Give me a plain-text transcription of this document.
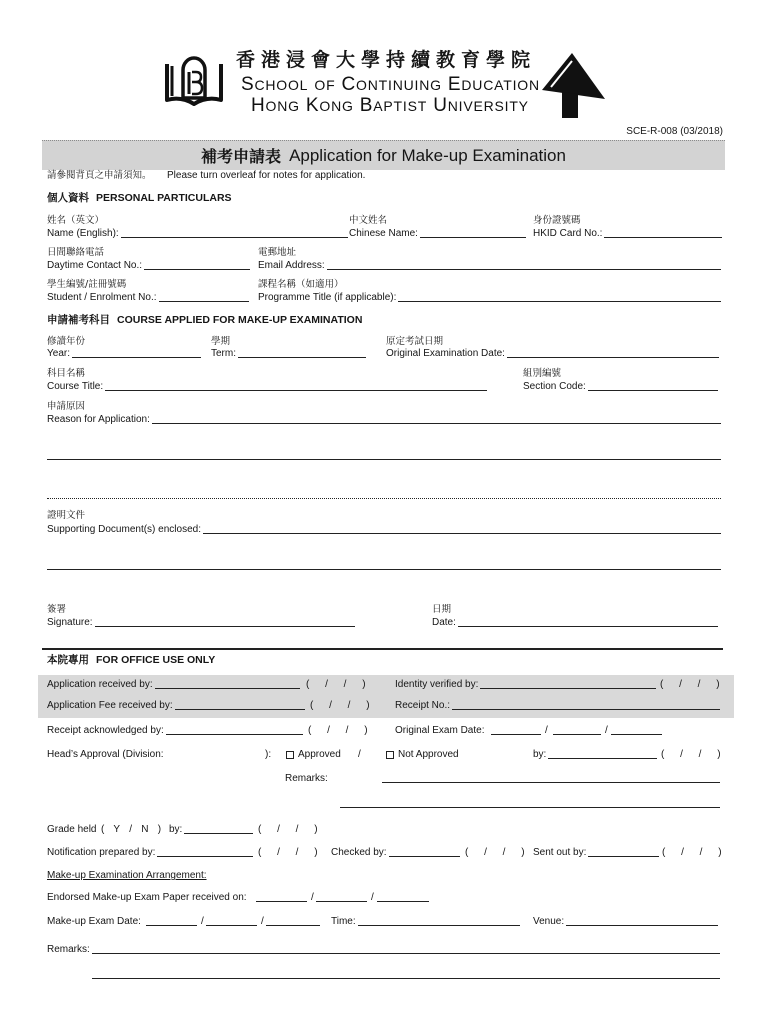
香港浸會大學持續教育學院
SCHOOL OF CONTINUING EDUCATION
HONG KONG BAPTIST UNIVERSITY
SCE-R-008 (03/2018)
補考申請表 Application for Make-up Examination
請參閱背頁之申請須知。 Please turn overleaf for notes for application.
個人資料 PERSONAL PARTICULARS
姓名（英文）
Name (English):
中文姓名
Chinese Name:
身份證號碼
HKID Card No.:
日間聯絡電話
Daytime Contact No.:
電郵地址
Email Address:
學生編號/註冊號碼
Student / Enrolment No.:
課程名稱（如適用）
Programme Title (if applicable):
申請補考科目 COURSE APPLIED FOR MAKE-UP EXAMINATION
修讀年份
Year:
學期
Term:
原定考試日期
Original Examination Date:
科目名稱
Course Title:
組別編號
Section Code:
申請原因
Reason for Application:
證明文件
Supporting Document(s) enclosed:
簽署
Signature:
日期
Date:
本院專用 FOR OFFICE USE ONLY
Application received by:	( / / )	Identity verified by:	( / / )
Application Fee received by:	( / / )	Receipt No.:
Receipt acknowledged by:	( / / )	Original Exam Date:	/	/
Head’s Approval (Division:	):	Approved /	Not Approved	by:	( / / )
Remarks:
Grade held ( Y / N ) by:	( / / )
Notification prepared by:	( / / ) Checked by:	( / / ) Sent out by:	( / / )
Make-up Examination Arrangement:
Endorsed Make-up Exam Paper received on:	/	/
Make-up Exam Date:	/	/	Time:	Venue:
Remarks:
